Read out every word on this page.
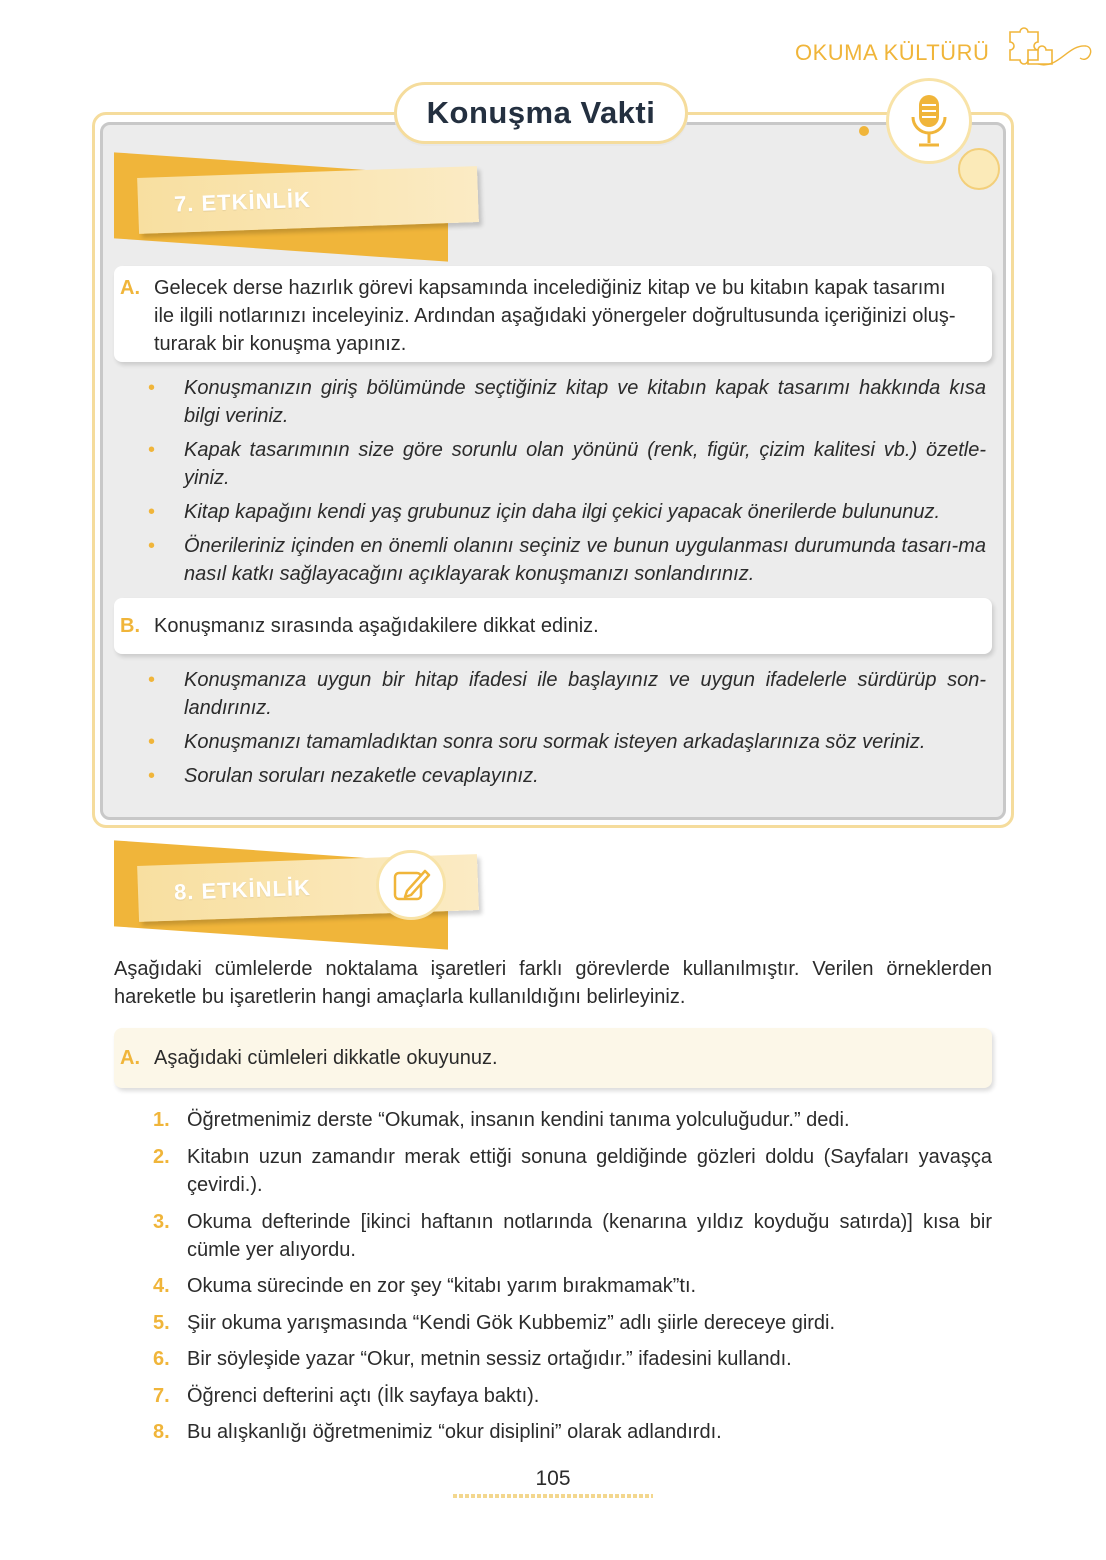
OKUMA KÜLTÜRÜ
Konuşma Vakti
7. ETKİNLİK
A. Gelecek derse hazırlık görevi kapsamında incelediğiniz kitap ve bu kitabın kapak tasarımı
ile ilgili notlarınızı inceleyiniz. Ardından aşağıdaki yönergeler doğrultusunda içeriğinizi oluş-
turarak bir konuşma yapınız.
• Konuşmanızın giriş bölümünde seçtiğiniz kitap ve kitabın kapak tasarımı hakkında kısa bilgi veriniz.
• Kapak tasarımının size göre sorunlu olan yönünü (renk, figür, çizim kalitesi vb.) özetle-yiniz.
• Kitap kapağını kendi yaş grubunuz için daha ilgi çekici yapacak önerilerde bulununuz.
• Önerileriniz içinden en önemli olanını seçiniz ve bunun uygulanması durumunda tasarı-ma nasıl katkı sağlayacağını açıklayarak konuşmanızı sonlandırınız.
B. Konuşmanız sırasında aşağıdakilere dikkat ediniz.
• Konuşmanıza uygun bir hitap ifadesi ile başlayınız ve uygun ifadelerle sürdürüp son-landırınız.
• Konuşmanızı tamamladıktan sonra soru sormak isteyen arkadaşlarınıza söz veriniz.
• Sorulan soruları nezaketle cevaplayınız.
8. ETKİNLİK
Aşağıdaki cümlelerde noktalama işaretleri farklı görevlerde kullanılmıştır. Verilen örneklerden hareketle bu işaretlerin hangi amaçlarla kullanıldığını belirleyiniz.
A. Aşağıdaki cümleleri dikkatle okuyunuz.
1. Öğretmenimiz derste “Okumak, insanın kendini tanıma yolculuğudur.” dedi.
2. Kitabın uzun zamandır merak ettiği sonuna geldiğinde gözleri doldu (Sayfaları yavaşça çevirdi.).
3. Okuma defterinde [ikinci haftanın notlarında (kenarına yıldız koyduğu satırda)] kısa bir cümle yer alıyordu.
4. Okuma sürecinde en zor şey “kitabı yarım bırakmamak”tı.
5. Şiir okuma yarışmasında “Kendi Gök Kubbemiz” adlı şiirle dereceye girdi.
6. Bir söyleşide yazar “Okur, metnin sessiz ortağıdır.” ifadesini kullandı.
7. Öğrenci defterini açtı (İlk sayfaya baktı).
8. Bu alışkanlığı öğretmenimiz “okur disiplini” olarak adlandırdı.
105
